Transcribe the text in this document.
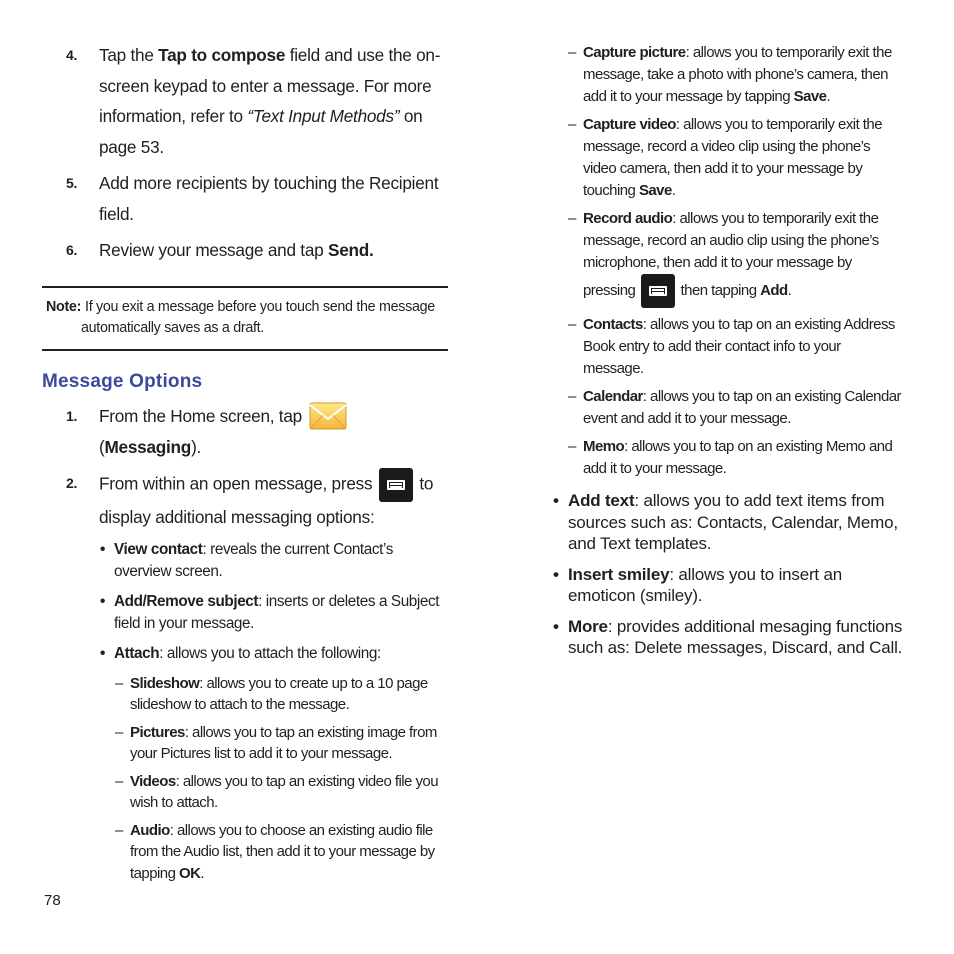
4. Tap the Tap to compose field and use the on-screen keypad to enter a message. For more information, refer to “Text Input Methods” on page 53.
5. Add more recipients by touching the Recipient field.
6. Review your message and tap Send.
Note: If you exit a message before you touch send the message
automatically saves as a draft.
Message Options
1. From the Home screen, tap  (Messaging).
2. From within an open message, press  to display additional messaging options:
• View contact: reveals the current Contact’s overview screen.
• Add/Remove subject: inserts or deletes a Subject field in your message.
• Attach: allows you to attach the following:
– Slideshow: allows you to create up to a 10 page slideshow to attach to the message.
– Pictures: allows you to tap an existing image from your Pictures list to add it to your message.
– Videos: allows you to tap an existing video file you wish to attach.
– Audio: allows you to choose an existing audio file from the Audio list, then add it to your message by tapping OK.
– Capture picture: allows you to temporarily exit the message, take a photo with phone’s camera, then add it to your message by tapping Save.
– Capture video: allows you to temporarily exit the message, record a video clip using the phone’s video camera, then add it to your message by touching Save.
– Record audio: allows you to temporarily exit the message, record an audio clip using the phone’s microphone, then add it to your message by pressing	then tapping Add.
– Contacts: allows you to tap on an existing Address Book entry to add their contact info to your message.
– Calendar: allows you to tap on an existing Calendar event and add it to your message.
– Memo: allows you to tap on an existing Memo and add it to your message.
• Add text: allows you to add text items from sources such as: Contacts, Calendar, Memo, and Text templates.
• Insert smiley: allows you to insert an emoticon (smiley).
• More: provides additional mesaging functions such as: Delete messages, Discard, and Call.
78
